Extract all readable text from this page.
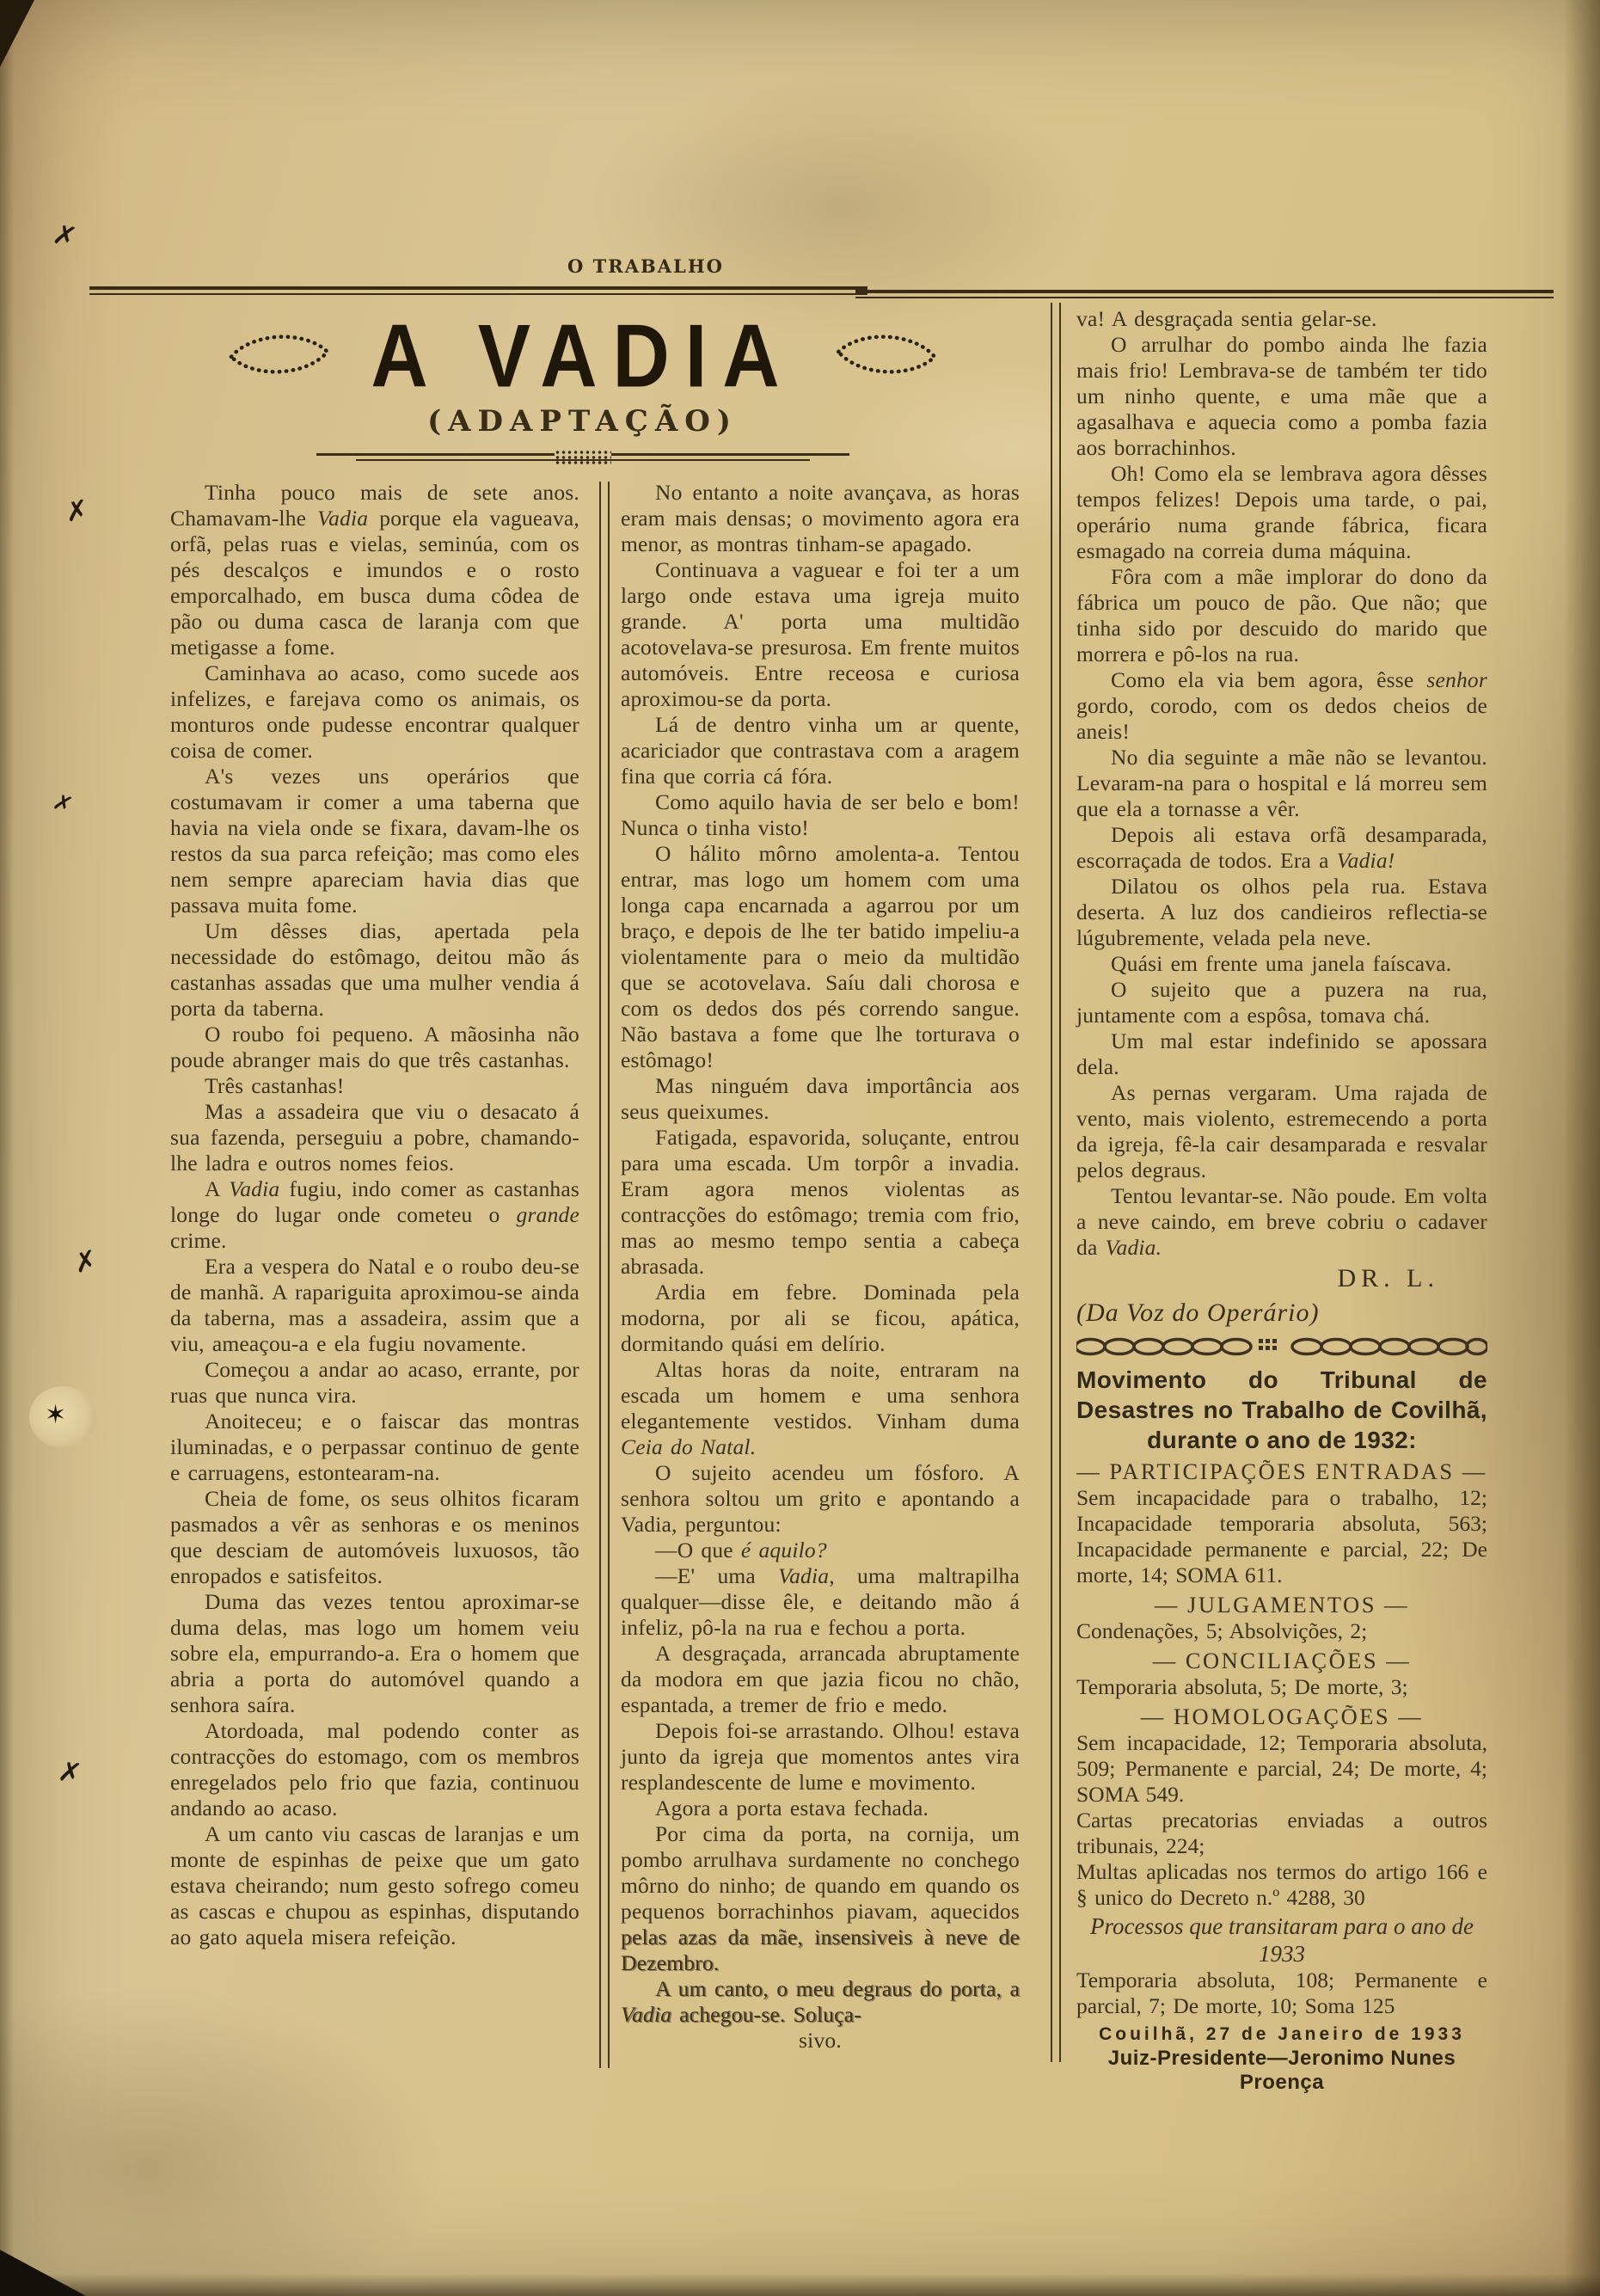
O TRABALHO
A VADIA
(ADAPTAÇÃO)

Tinha pouco mais de sete anos. Chamavam-lhe Vadia porque ela vagueava, orfã, pelas ruas e vielas, seminúa, com os pés descalços e imundos e o rosto emporcalhado, em busca duma côdea de pão ou duma casca de laranja com que metigasse a fome.

Caminhava ao acaso, como sucede aos infelizes, e farejava como os animais, os monturos onde pudesse encontrar qualquer coisa de comer.

A's vezes uns operários que costumavam ir comer a uma taberna que havia na viela onde se fixara, davam-lhe os restos da sua parca refeição; mas como eles nem sempre apareciam havia dias que passava muita fome.

Um dêsses dias, apertada pela necessidade do estômago, deitou mão ás castanhas assadas que uma mulher vendia á porta da taberna.

O roubo foi pequeno. A mãosinha não poude abranger mais do que três castanhas.

Três castanhas!

Mas a assadeira que viu o desacato á sua fazenda, perseguiu a pobre, chamando-lhe ladra e outros nomes feios.

A Vadia fugiu, indo comer as castanhas longe do lugar onde cometeu o grande crime.

Era a vespera do Natal e o roubo deu-se de manhã. A rapariguita aproximou-se ainda da taberna, mas a assadeira, assim que a viu, ameaçou-a e ela fugiu novamente.

Começou a andar ao acaso, errante, por ruas que nunca vira.

Anoiteceu; e o faiscar das montras iluminadas, e o perpassar continuo de gente e carruagens, estontearam-na.

Cheia de fome, os seus olhitos ficaram pasmados a vêr as senhoras e os meninos que desciam de automóveis luxuosos, tão enropados e satisfeitos.

Duma das vezes tentou aproximar-se duma delas, mas logo um homem veiu sobre ela, empurrando-a. Era o homem que abria a porta do automóvel quando a senhora saíra.

Atordoada, mal podendo conter as contracções do estomago, com os membros enregelados pelo frio que fazia, continuou andando ao acaso.

A um canto viu cascas de laranjas e um monte de espinhas de peixe que um gato estava cheirando; num gesto sofrego comeu as cascas e chupou as espinhas, disputando ao gato aquela misera refeição.

No entanto a noite avançava, as horas eram mais densas; o movimento agora era menor, as montras tinham-se apagado.

Continuava a vaguear e foi ter a um largo onde estava uma igreja muito grande. A' porta uma multidão acotovelava-se presurosa. Em frente muitos automóveis. Entre receosa e curiosa aproximou-se da porta.

Lá de dentro vinha um ar quente, acariciador que contrastava com a aragem fina que corria cá fóra.

Como aquilo havia de ser belo e bom! Nunca o tinha visto!

O hálito môrno amolenta-a. Tentou entrar, mas logo um homem com uma longa capa encarnada a agarrou por um braço, e depois de lhe ter batido impeliu-a violentamente para o meio da multidão que se acotovelava. Saíu dali chorosa e com os dedos dos pés correndo sangue. Não bastava a fome que lhe torturava o estômago!

Mas ninguém dava importância aos seus queixumes.

Fatigada, espavorida, soluçante, entrou para uma escada. Um torpôr a invadia. Eram agora menos violentas as contracções do estômago; tremia com frio, mas ao mesmo tempo sentia a cabeça abrasada.

Ardia em febre. Dominada pela modorna, por ali se ficou, apática, dormitando quási em delírio.

Altas horas da noite, entraram na escada um homem e uma senhora elegantemente vestidos. Vinham duma Ceia do Natal.

O sujeito acendeu um fósforo. A senhora soltou um grito e apontando a Vadia, perguntou:

—O que é aquilo?

—E' uma Vadia, uma maltrapilha qualquer—disse êle, e deitando mão á infeliz, pô-la na rua e fechou a porta.

A desgraçada, arrancada abruptamente da modora em que jazia ficou no chão, espantada, a tremer de frio e medo.

Depois foi-se arrastando. Olhou! estava junto da igreja que momentos antes vira resplandescente de lume e movimento.

Agora a porta estava fechada.

Por cima da porta, na cornija, um pombo arrulhava surdamente no conchego môrno do ninho; de quando em quando os pequenos borrachinhos piavam, aquecidos pelas azas da mãe, insensiveis à neve de Dezembro.

A um canto, o meu degraus do porta, a Vadia achegou-se. Soluça-

sivo.

va! A desgraçada sentia gelar-se.

O arrulhar do pombo ainda lhe fazia mais frio! Lembrava-se de também ter tido um ninho quente, e uma mãe que a agasalhava e aquecia como a pomba fazia aos borrachinhos.

Oh! Como ela se lembrava agora dêsses tempos felizes! Depois uma tarde, o pai, operário numa grande fábrica, ficara esmagado na correia duma máquina.

Fôra com a mãe implorar do dono da fábrica um pouco de pão. Que não; que tinha sido por descuido do marido que morrera e pô-los na rua.

Como ela via bem agora, êsse senhor gordo, corodo, com os dedos cheios de aneis!

No dia seguinte a mãe não se levantou. Levaram-na para o hospital e lá morreu sem que ela a tornasse a vêr.

Depois ali estava orfã desamparada, escorraçada de todos. Era a Vadia!

Dilatou os olhos pela rua. Estava deserta. A luz dos candieiros reflectia-se lúgubremente, velada pela neve.

Quási em frente uma janela faíscava.

O sujeito que a puzera na rua, juntamente com a espôsa, tomava chá.

Um mal estar indefinido se apossara dela.

As pernas vergaram. Uma rajada de vento, mais violento, estremecendo a porta da igreja, fê-la cair desamparada e resvalar pelos degraus.

Tentou levantar-se. Não poude. Em volta a neve caindo, em breve cobriu o cadaver da Vadia.

DR. L.

(Da Voz do Operário)

Movimento do Tribunal de Desastres no Trabalho de Covilhã, durante o ano de 1932:

— PARTICIPAÇÕES ENTRADAS —

Sem incapacidade para o trabalho, 12; Incapacidade temporaria absoluta, 563; Incapacidade permanente e parcial, 22; De morte, 14; SOMA 611.

— JULGAMENTOS —

Condenações, 5; Absolvições, 2;

— CONCILIAÇÕES —

Temporaria absoluta, 5; De morte, 3;

— HOMOLOGAÇÕES —

Sem incapacidade, 12; Temporaria absoluta, 509; Permanente e parcial, 24; De morte, 4; SOMA 549.

Cartas precatorias enviadas a outros tribunais, 224;

Multas aplicadas nos termos do artigo 166 e § unico do Decreto n.º 4288, 30

Processos que transitaram para o ano de 1933

Temporaria absoluta, 108; Permanente e parcial, 7; De morte, 10; Soma 125

Couilhã, 27 de Janeiro de 1933

Juiz-Presidente—Jeronimo Nunes Proença

✗
✗
✗
✗
✗
✶
